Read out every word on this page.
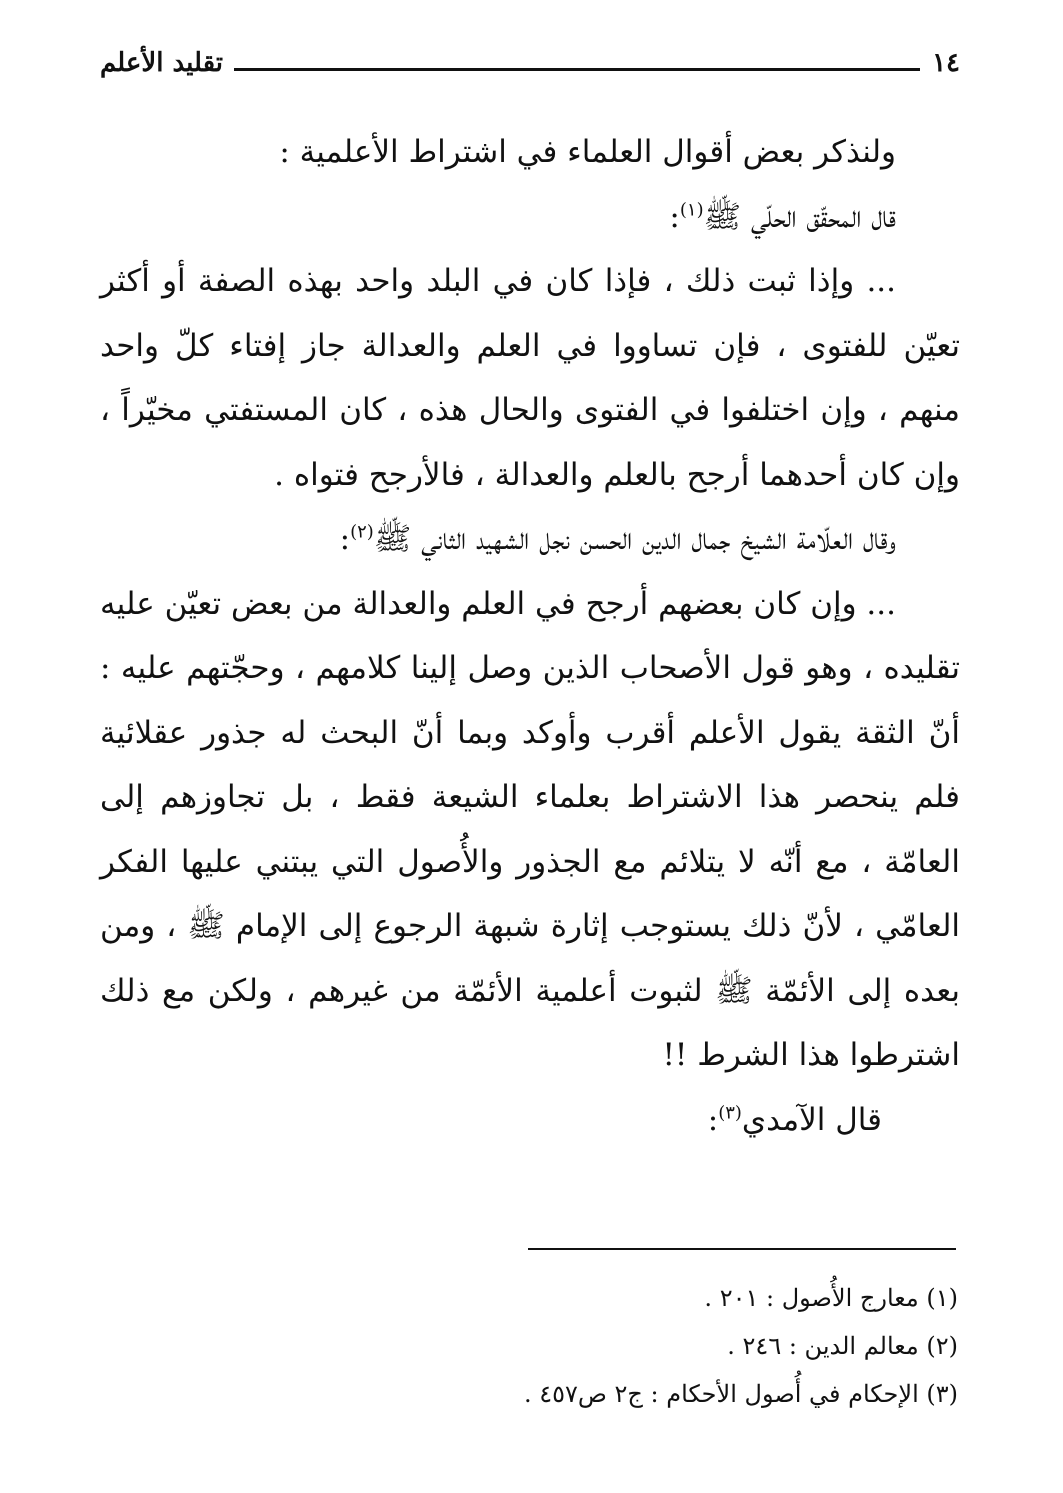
١٤
تقليد الأعلم

ولنذكر بعض أقوال العلماء في اشتراط الأعلمية :

قال المحقّق الحلّي ﷺ$^{(١)}$:

... وإذا ثبت ذلك ، فإذا كان في البلد واحد بهذه الصفة أو أكثر تعيّن للفتوى ، فإن تساووا في العلم والعدالة جاز إفتاء كلّ واحد منهم ، وإن اختلفوا في الفتوى والحال هذه ، كان المستفتي مخيّراً ، وإن كان أحدهما أرجح بالعلم والعدالة ، فالأرجح فتواه .

وقال العلّامة الشيخ جمال الدين الحسن نجل الشهيد الثاني ﷺ$^{(٢)}$:

... وإن كان بعضهم أرجح في العلم والعدالة من بعض تعيّن عليه تقليده ، وهو قول الأصحاب الذين وصل إلينا كلامهم ، وحجّتهم عليه : أنّ الثقة يقول الأعلم أقرب وأوكد وبما أنّ البحث له جذور عقلائية فلم ينحصر هذا الاشتراط بعلماء الشيعة فقط ، بل تجاوزهم إلى العامّة ، مع أنّه لا يتلائم مع الجذور والأُصول التي يبتني عليها الفكر العامّي ، لأنّ ذلك يستوجب إثارة شبهة الرجوع إلى الإمام ﷺ ، ومن بعده إلى الأئمّة ﷺ لثبوت أعلمية الأئمّة من غيرهم ، ولكن مع ذلك اشترطوا هذا الشرط !!

قال الآمدي$^{(٣)}$:

(١) معارج الأُصول : ٢٠١ .

(٢) معالم الدين : ٢٤٦ .

(٣) الإحكام في أُصول الأحكام : ج٢ ص٤٥٧ .
